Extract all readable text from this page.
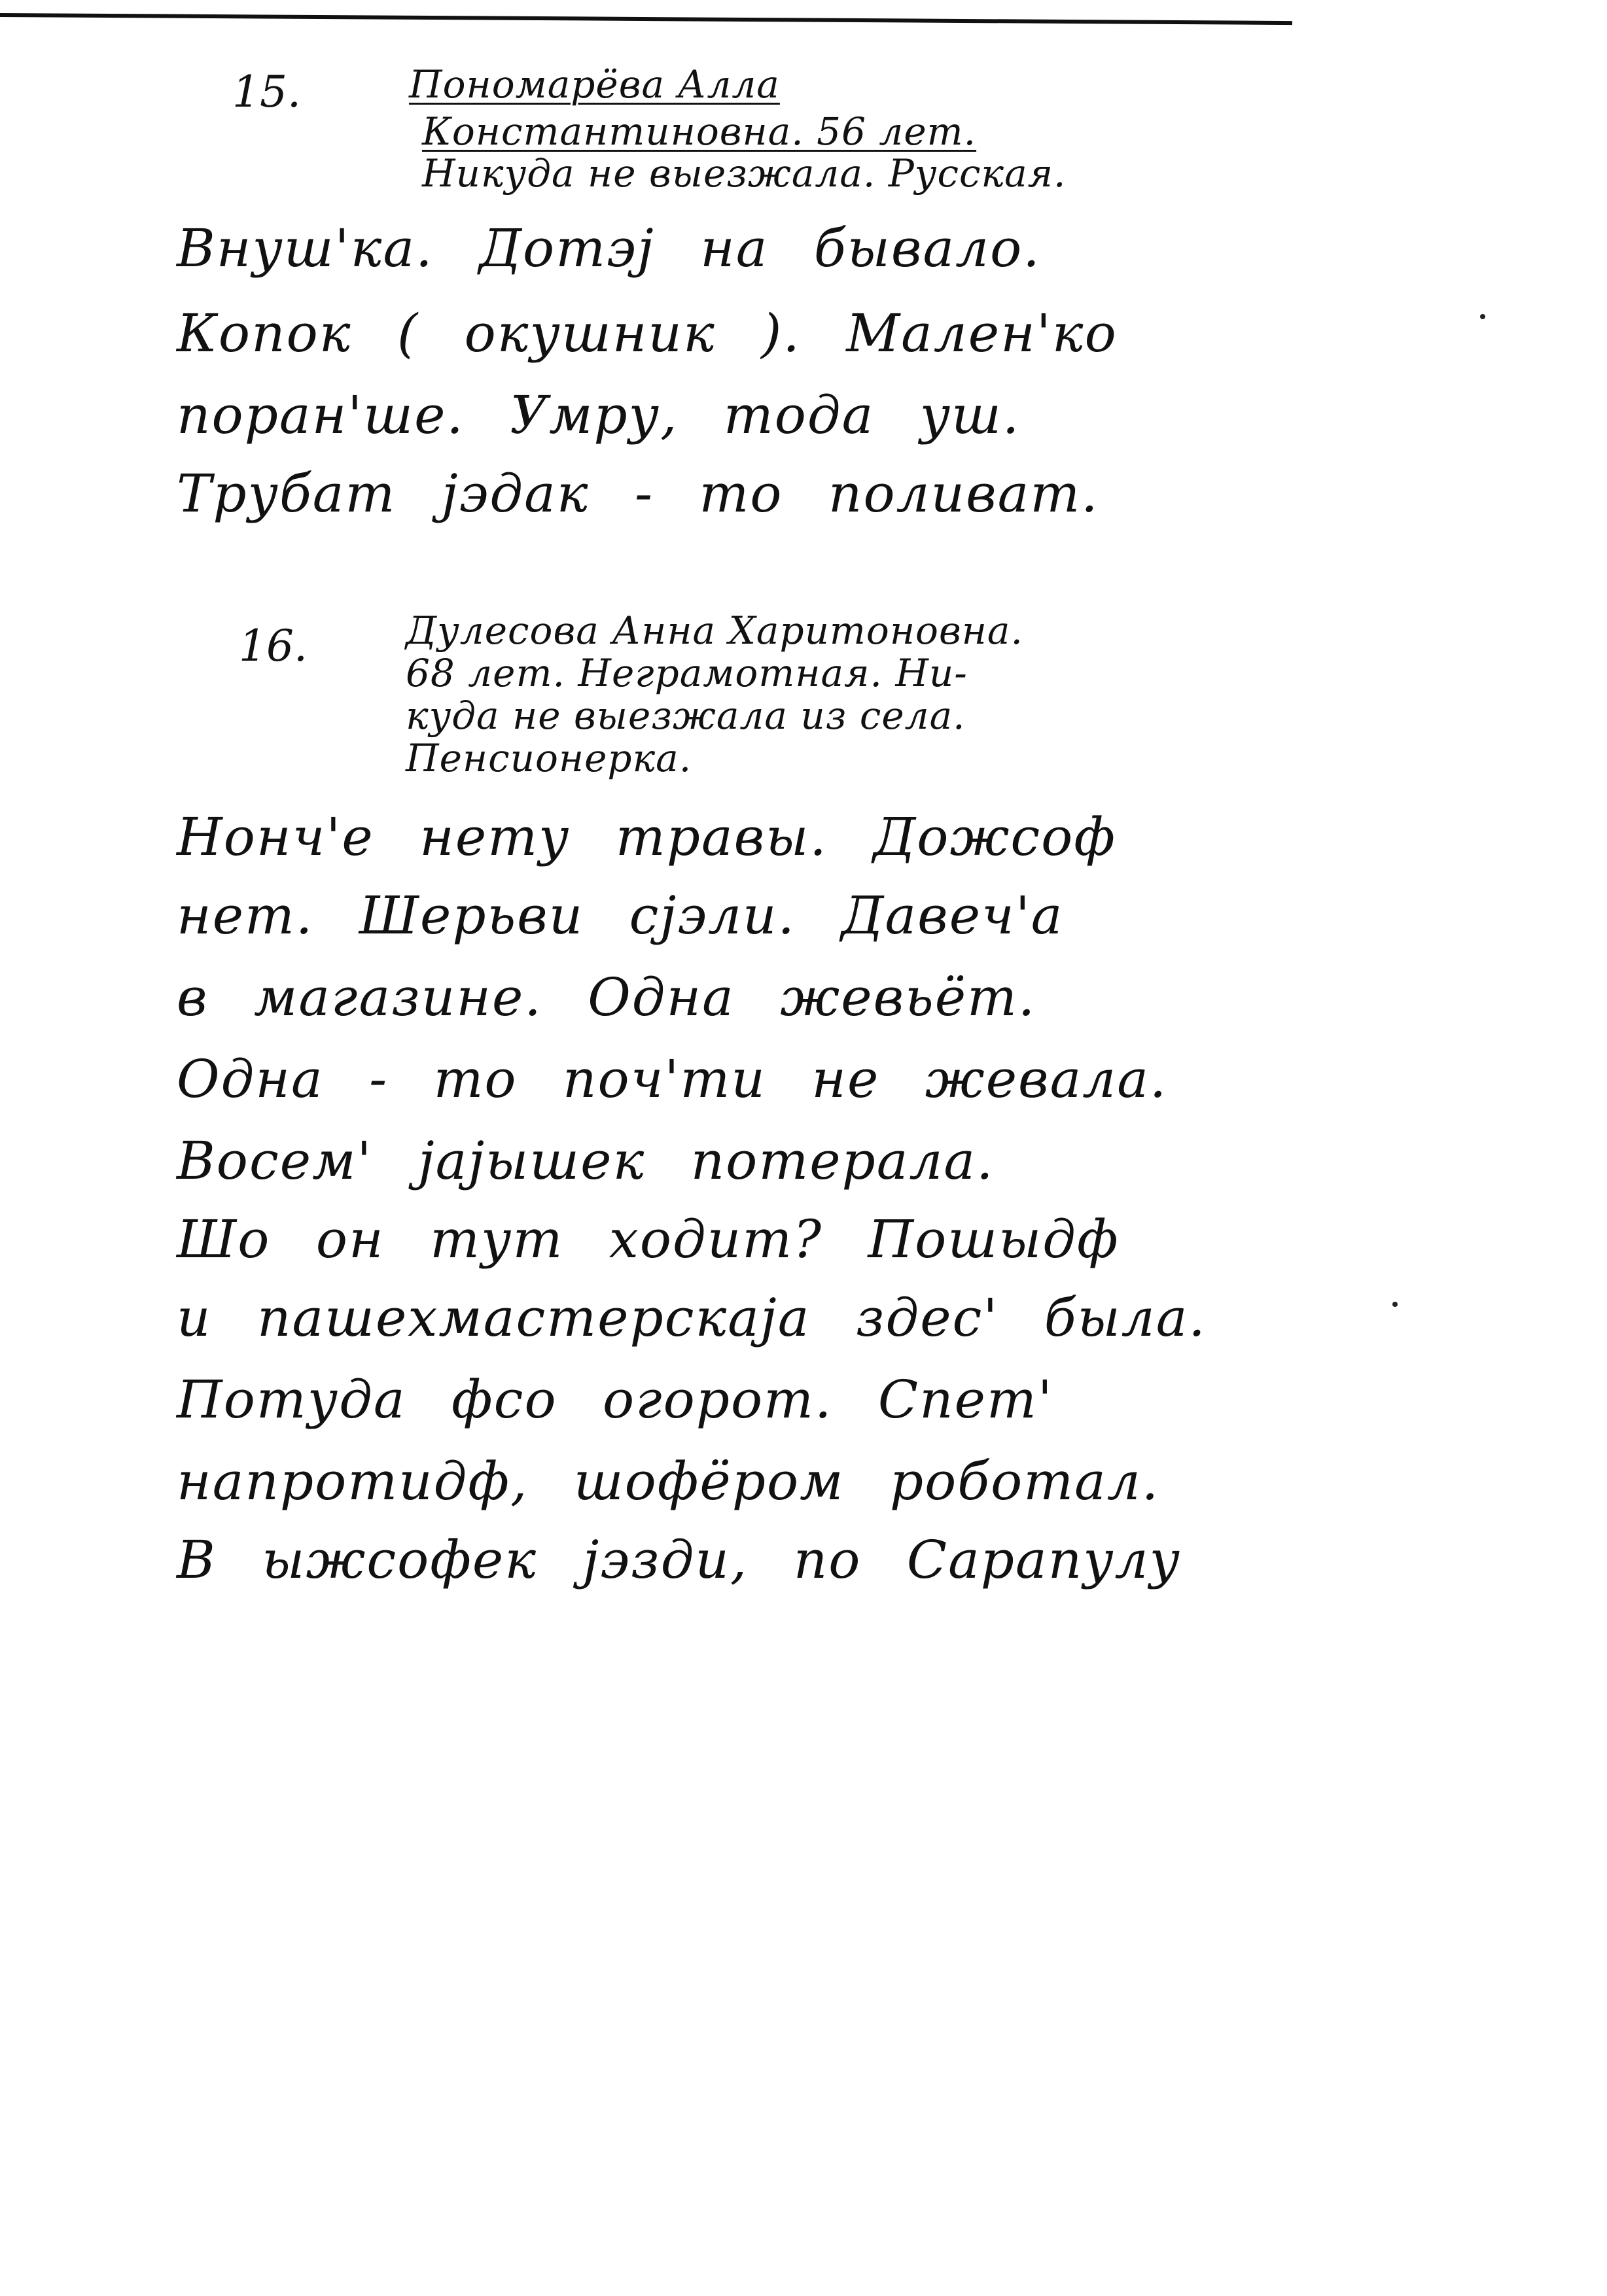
15.	Пономарёва Алла
Константиновна. 56 лет.
Никуда не выезжала. Русская.
Внуш'ка. Дотэj на бывало.
Копок ( окушник ). Мален'ко
поран'ше. Умру, тода уш.
Трубат jэдак - то поливат.
16.	Дулесова Анна Харитоновна.
68 лет. Неграмотная. Ни-
куда не выезжала из села.
Пенсионерка.
Нонч'е нету травы. Дожсоф
нет. Шерьви сjэли. Давеч'а
в магазине. Одна жевьёт.
Одна - то поч'ти не жевала.
Восем' jajышек потерала.
Шо он тут ходит? Пошыдф
и пашехмастерскаjа здес' была.
Потуда фсо огорот. Спет'
напротидф, шофёром роботал.
В ыжсофек jэзди, по Сарапулу
